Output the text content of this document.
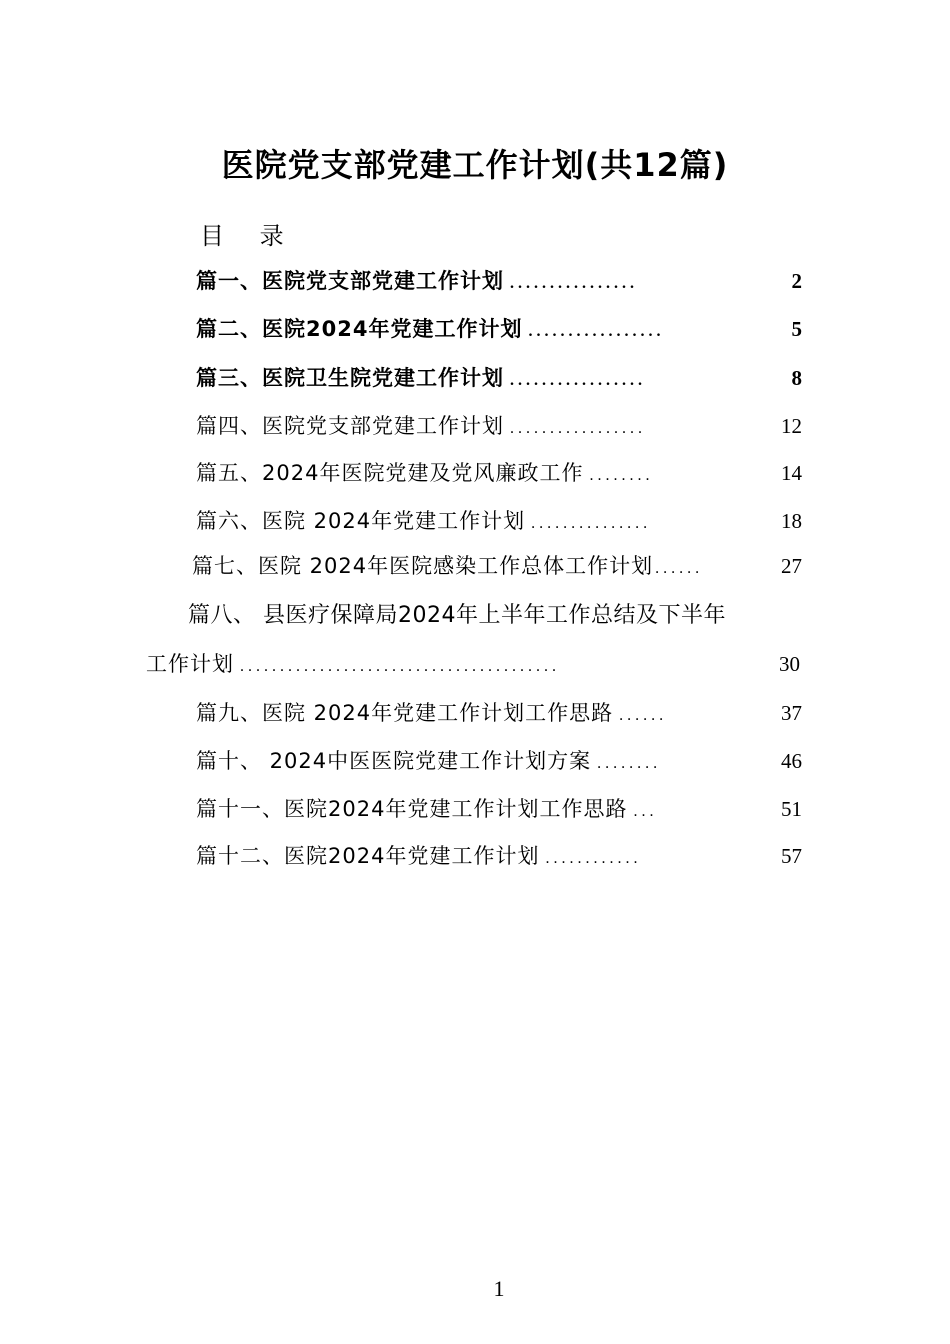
医院党支部党建工作计划(共12篇)
目 录
篇一、医院党支部党建工作计划 ................	2
篇二、医院2024年党建工作计划 .................	5
篇三、医院卫生院党建工作计划 .................	8
篇四、医院党支部党建工作计划 .................	12
篇五、2024年医院党建及党风廉政工作 ........	14
篇六、医院 2024年党建工作计划 ...............	18
篇七、医院 2024年医院感染工作总体工作计划 ......	27
篇八、 县医疗保障局2024年上半年工作总结及下半年
工作计划 ........................................	30
篇九、医院 2024年党建工作计划工作思路 ......	37
篇十、 2024中医医院党建工作计划方案 ........	46
篇十一、医院2024年党建工作计划工作思路 ...	51
篇十二、医院2024年党建工作计划 ............	57
1
